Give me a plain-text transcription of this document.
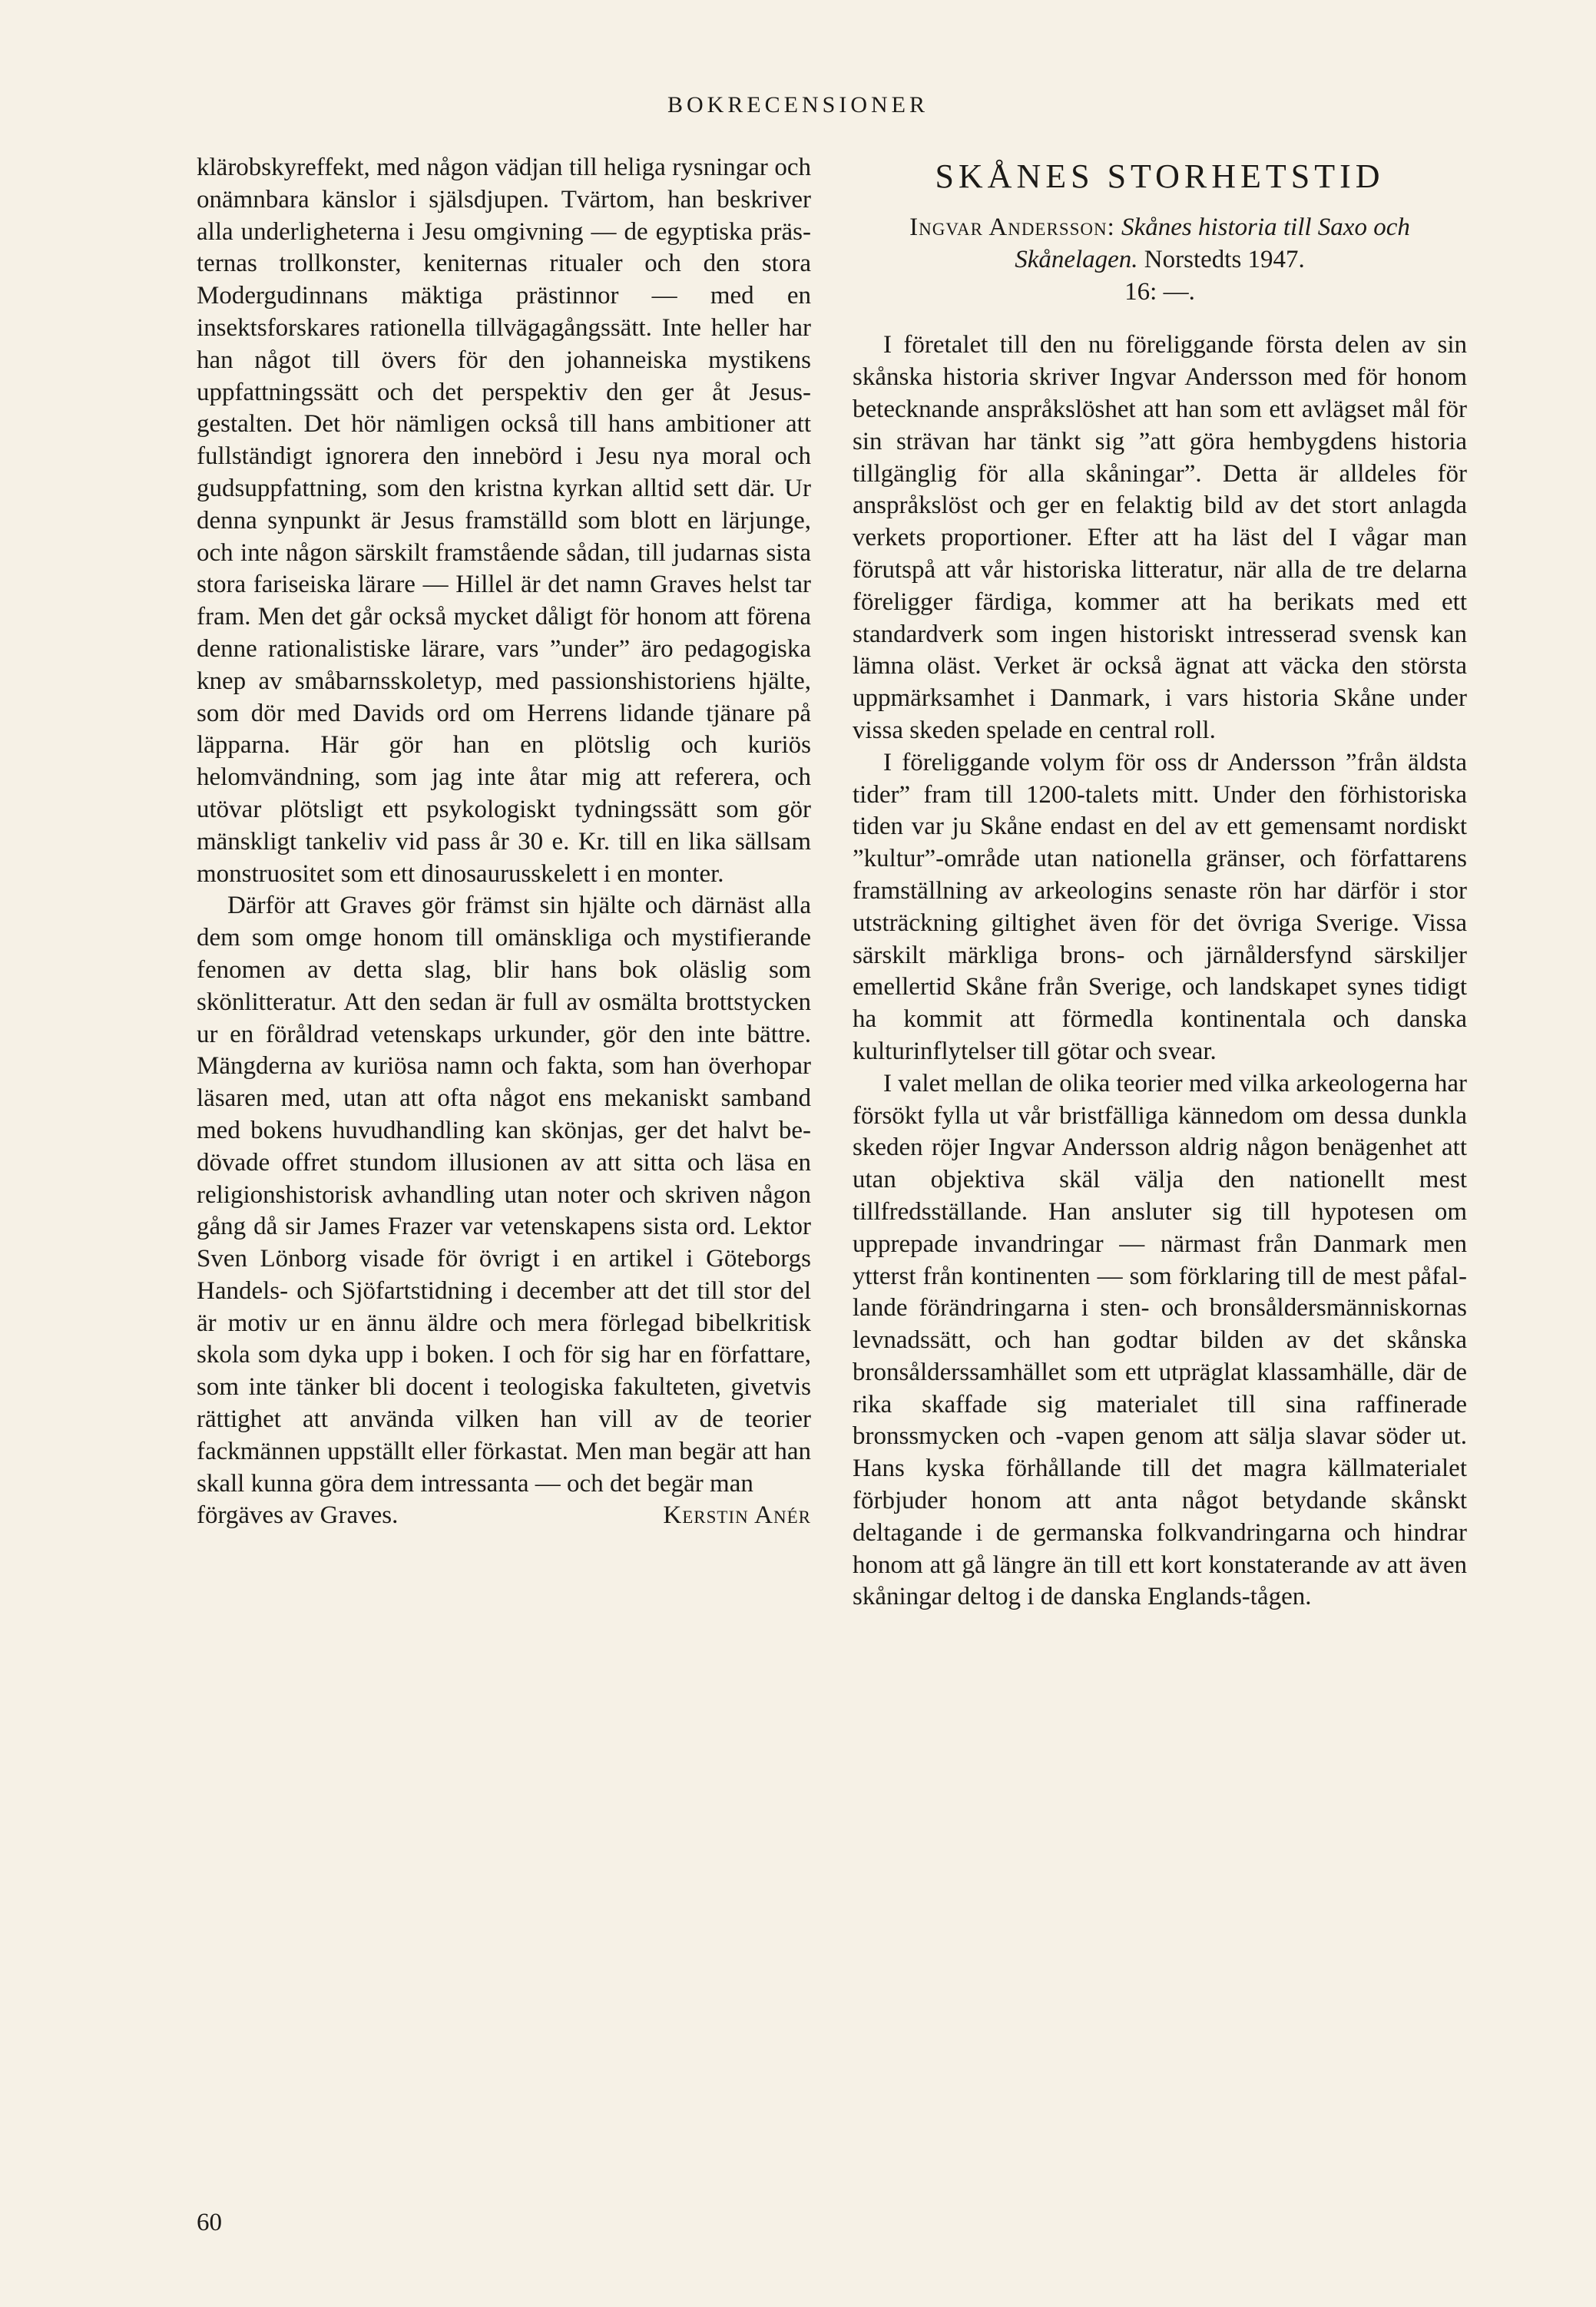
BOKRECENSIONER

klärobskyreffekt, med någon vädjan till heliga rysningar och onämnbara känslor i själsdjupen. Tvärtom, han beskriver alla underligheterna i Jesu omgivning — de egyptiska prästernas trollkonster, keniternas ritualer och den stora Modergudinnans mäktiga prästinnor — med en insektsforskares rationella tillvägagångssätt. Inte heller har han något till övers för den johanneiska mystikens uppfattningssätt och det perspektiv den ger åt Jesusgestalten. Det hör nämligen också till hans ambitioner att fullständigt ignorera den innebörd i Jesu nya moral och gudsuppfattning, som den kristna kyrkan alltid sett där. Ur denna synpunkt är Jesus framställd som blott en lärjunge, och inte någon särskilt framstående sådan, till judarnas sista stora fariseiska lärare — Hillel är det namn Graves helst tar fram. Men det går också mycket dåligt för honom att förena denne rationalistiske lärare, vars ”under” äro pedagogiska knep av småbarnsskoletyp, med passionshistoriens hjälte, som dör med Davids ord om Herrens lidande tjänare på läpparna. Här gör han en plötslig och kuriös helomvändning, som jag inte åtar mig att referera, och utövar plötsligt ett psykologiskt tydningssätt som gör mänskligt tankeliv vid pass år 30 e. Kr. till en lika sällsam monstruositet som ett dinosaurusskelett i en monter.

Därför att Graves gör främst sin hjälte och därnäst alla dem som omge honom till omänskliga och mystifierande fenomen av detta slag, blir hans bok oläslig som skönlitteratur. Att den sedan är full av osmälta brottstycken ur en föråldrad vetenskaps urkunder, gör den inte bättre. Mängderna av kuriösa namn och fakta, som han överhopar läsaren med, utan att ofta något ens mekaniskt samband med bokens huvudhandling kan skönjas, ger det halvt bedövade offret stundom illusionen av att sitta och läsa en religionshistorisk avhandling utan noter och skriven någon gång då sir James Frazer var vetenskapens sista ord. Lektor Sven Lönborg visade för övrigt i en artikel i Göteborgs Handels- och Sjöfartstidning i december att det till stor del är motiv ur en ännu äldre och mera förlegad bibelkritisk skola som dyka upp i boken. I och för sig har en författare, som inte tänker bli docent i teologiska fakulteten, givetvis rättighet att använda vilken han vill av de teorier fackmännen uppställt eller förkastat. Men man begär att han skall kunna göra dem intressanta — och det begär man

förgäves av Graves.	Kerstin Anér
SKÅNES STORHETSTID
Ingvar Andersson: Skånes historia till Saxo och Skånelagen. Norstedts 1947.
16: —.

I företalet till den nu föreliggande första delen av sin skånska historia skriver Ingvar Andersson med för honom betecknande anspråkslöshet att han som ett avlägset mål för sin strävan har tänkt sig ”att göra hembygdens historia tillgänglig för alla skåningar”. Detta är alldeles för anspråkslöst och ger en felaktig bild av det stort anlagda verkets proportioner. Efter att ha läst del I vågar man förutspå att vår historiska litteratur, när alla de tre delarna föreligger färdiga, kommer att ha berikats med ett standardverk som ingen historiskt intresserad svensk kan lämna oläst. Verket är också ägnat att väcka den största uppmärksamhet i Danmark, i vars historia Skåne under vissa skeden spelade en central roll.

I föreliggande volym för oss dr Andersson ”från äldsta tider” fram till 1200-talets mitt. Under den förhistoriska tiden var ju Skåne endast en del av ett gemensamt nordiskt ”kultur”-område utan nationella gränser, och författarens framställning av arkeologins senaste rön har därför i stor utsträckning giltighet även för det övriga Sverige. Vissa särskilt märkliga brons- och järnåldersfynd särskiljer emellertid Skåne från Sverige, och landskapet synes tidigt ha kommit att förmedla kontinentala och danska kulturinflytelser till götar och svear.

I valet mellan de olika teorier med vilka arkeologerna har försökt fylla ut vår bristfälliga kännedom om dessa dunkla skeden röjer Ingvar Andersson aldrig någon benägenhet att utan objektiva skäl välja den nationellt mest tillfredsställande. Han ansluter sig till hypotesen om upprepade invandringar — närmast från Danmark men ytterst från kontinenten — som förklaring till de mest påfallande förändringarna i sten- och bronsåldersmänniskornas levnadssätt, och han godtar bilden av det skånska bronsålderssamhället som ett utpräglat klassamhälle, där de rika skaffade sig materialet till sina raffinerade bronssmycken och -vapen genom att sälja slavar söder ut. Hans kyska förhållande till det magra källmaterialet förbjuder honom att anta något betydande skånskt deltagande i de germanska folkvandringarna och hindrar honom att gå längre än till ett kort konstaterande av att även skåningar deltog i de danska Englands-tågen.

60
